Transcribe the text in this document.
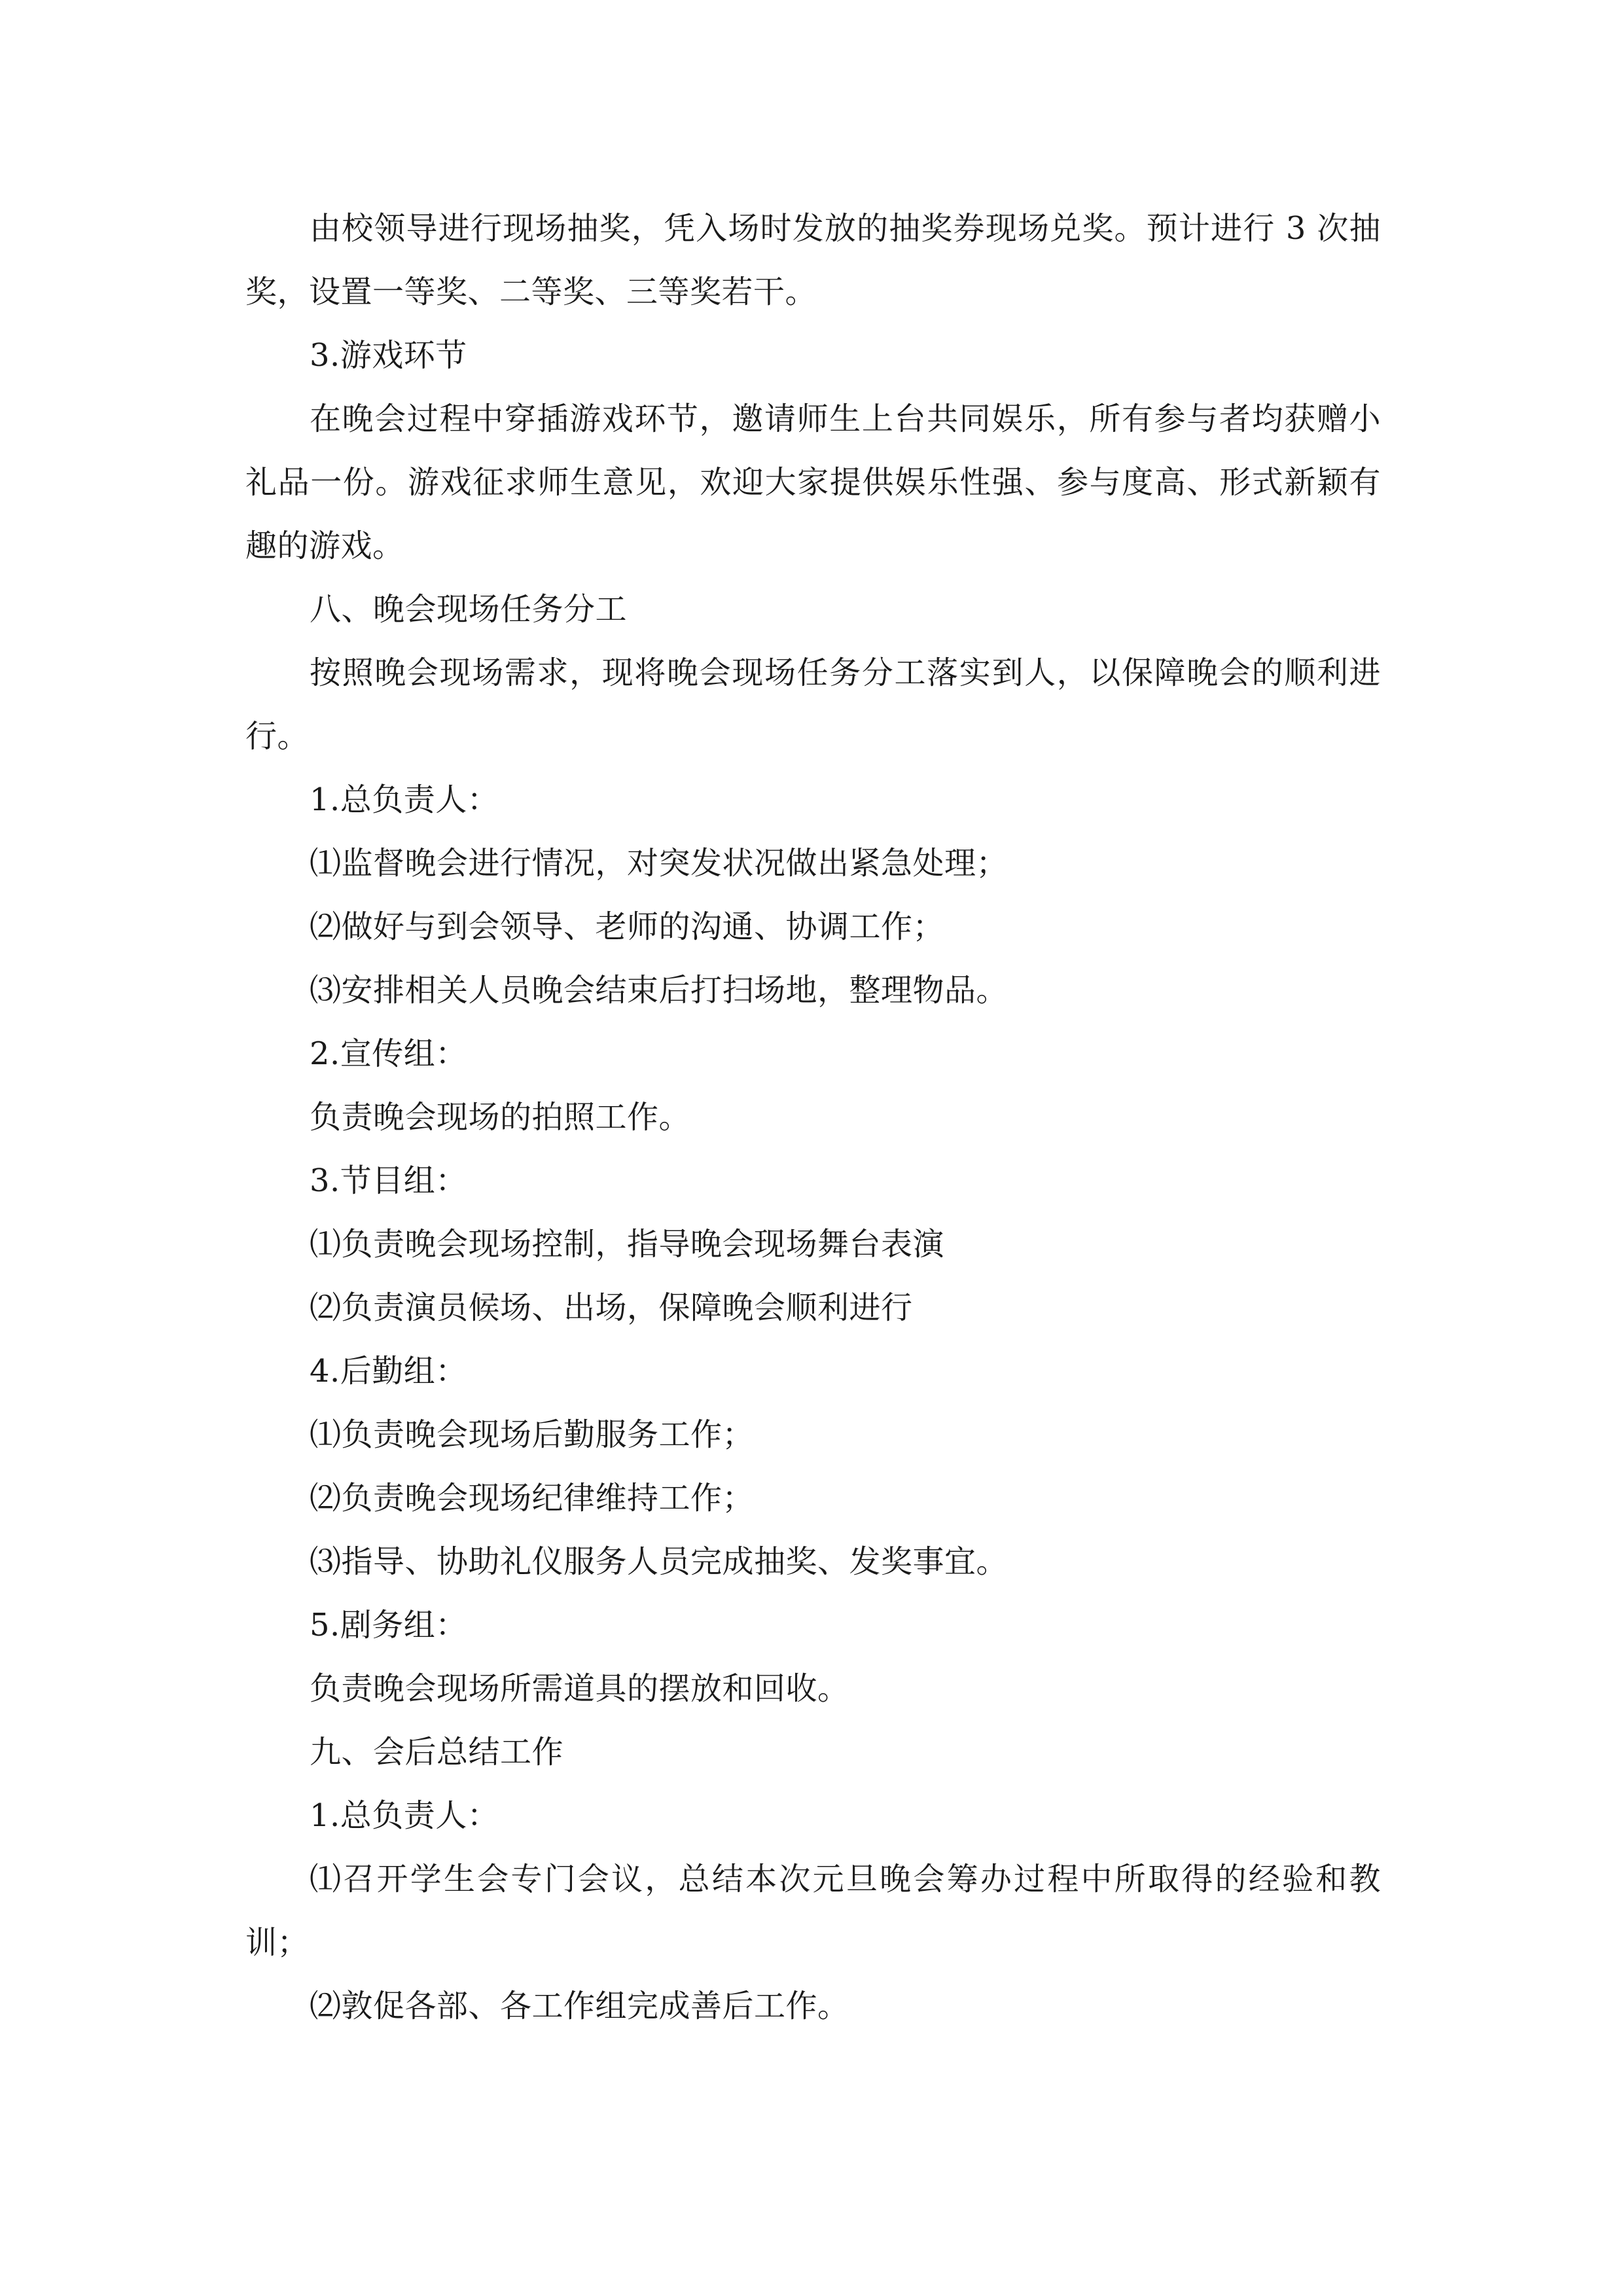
由校领导进行现场抽奖，凭入场时发放的抽奖券现场兑奖。预计进行 3 次抽奖，设置一等奖、二等奖、三等奖若干。

3.游戏环节

在晚会过程中穿插游戏环节，邀请师生上台共同娱乐，所有参与者均获赠小礼品一份。游戏征求师生意见，欢迎大家提供娱乐性强、参与度高、形式新颖有趣的游戏。

八、晚会现场任务分工

按照晚会现场需求，现将晚会现场任务分工落实到人，以保障晚会的顺利进行。

1.总负责人：

⑴监督晚会进行情况，对突发状况做出紧急处理；

⑵做好与到会领导、老师的沟通、协调工作；

⑶安排相关人员晚会结束后打扫场地，整理物品。

2.宣传组：

负责晚会现场的拍照工作。

3.节目组：

⑴负责晚会现场控制，指导晚会现场舞台表演

⑵负责演员候场、出场，保障晚会顺利进行

4.后勤组：

⑴负责晚会现场后勤服务工作；

⑵负责晚会现场纪律维持工作；

⑶指导、协助礼仪服务人员完成抽奖、发奖事宜。

5.剧务组：

负责晚会现场所需道具的摆放和回收。

九、会后总结工作

1.总负责人：

⑴召开学生会专门会议，总结本次元旦晚会筹办过程中所取得的经验和教训；

⑵敦促各部、各工作组完成善后工作。
